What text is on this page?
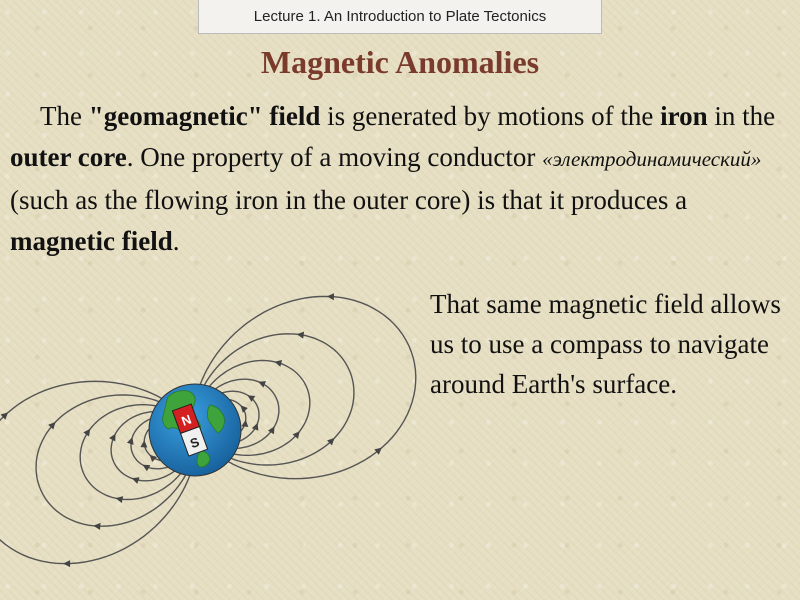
Lecture 1. An Introduction to Plate Tectonics
Magnetic Anomalies

The "geomagnetic" field is generated by motions of the iron in the outer core. One property of a moving conductor «электродинамический» (such as the flowing iron in the outer core) is that it produces a magnetic field.

That same magnetic field allows us to use a compass to navigate around Earth's surface.

N
S
